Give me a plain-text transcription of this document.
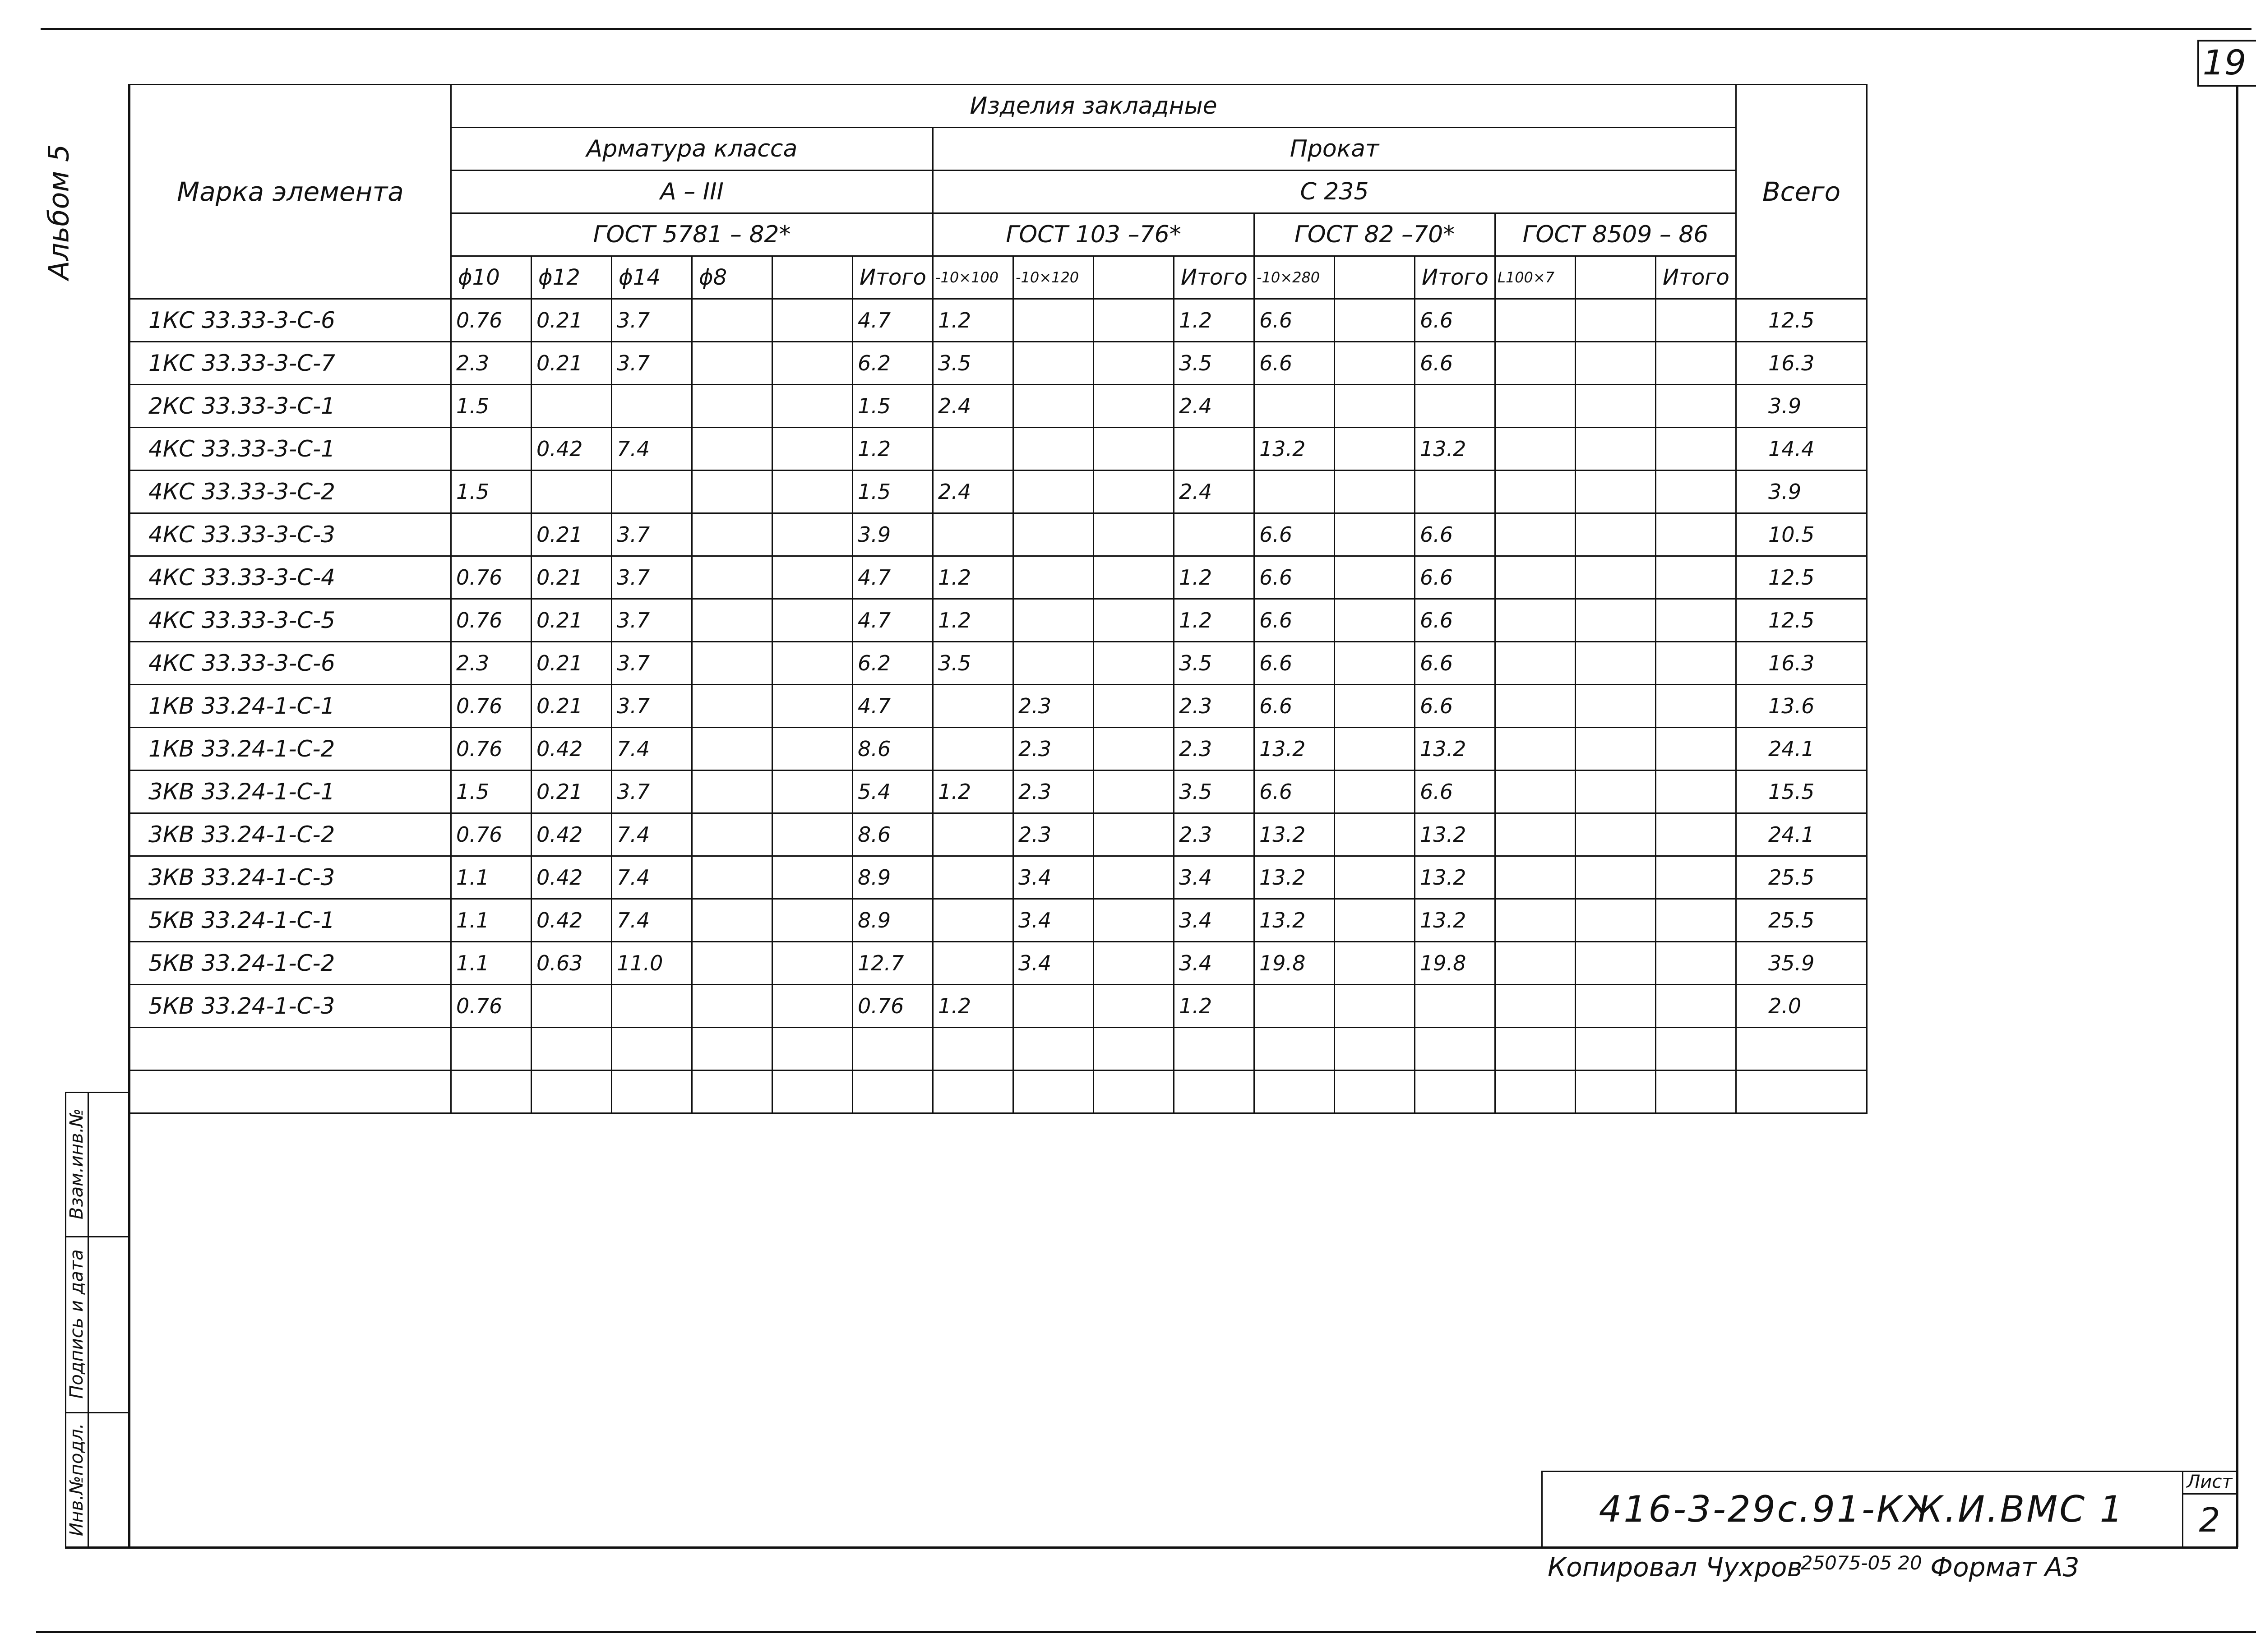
19
Альбом 5
Инв.№подл.
Подпись и дата
Взам.инв.№
Марка элемента	Изделия закладные																Всего
	Арматура класса						Прокат										
	А – III						С 235										
	ГОСТ 5781 – 82*						ГОСТ 103 –76*				ГОСТ 82 –70*			ГОСТ 8509 – 86			
	ϕ10	ϕ12	ϕ14	ϕ8		Итого	-10×100	-10×120		Итого	-10×280		Итого	L100×7		Итого	
1КС 33.33-3-С-6	0.76	0.21	3.7			4.7	1.2			1.2	6.6		6.6				12.5
1КС 33.33-3-С-7	2.3	0.21	3.7			6.2	3.5			3.5	6.6		6.6				16.3
2КС 33.33-3-С-1	1.5					1.5	2.4			2.4							3.9
4КС 33.33-3-С-1		0.42	7.4			1.2					13.2		13.2				14.4
4КС 33.33-3-С-2	1.5					1.5	2.4			2.4							3.9
4КС 33.33-3-С-3		0.21	3.7			3.9					6.6		6.6				10.5
4КС 33.33-3-С-4	0.76	0.21	3.7			4.7	1.2			1.2	6.6		6.6				12.5
4КС 33.33-3-С-5	0.76	0.21	3.7			4.7	1.2			1.2	6.6		6.6				12.5
4КС 33.33-3-С-6	2.3	0.21	3.7			6.2	3.5			3.5	6.6		6.6				16.3
1КВ 33.24-1-С-1	0.76	0.21	3.7			4.7		2.3		2.3	6.6		6.6				13.6
1КВ 33.24-1-С-2	0.76	0.42	7.4			8.6		2.3		2.3	13.2		13.2				24.1
3КВ 33.24-1-С-1	1.5	0.21	3.7			5.4	1.2	2.3		3.5	6.6		6.6				15.5
3КВ 33.24-1-С-2	0.76	0.42	7.4			8.6		2.3		2.3	13.2		13.2				24.1
3КВ 33.24-1-С-3	1.1	0.42	7.4			8.9		3.4		3.4	13.2		13.2				25.5
5КВ 33.24-1-С-1	1.1	0.42	7.4			8.9		3.4		3.4	13.2		13.2				25.5
5КВ 33.24-1-С-2	1.1	0.63	11.0			12.7		3.4		3.4	19.8		19.8				35.9
5КВ 33.24-1-С-3	0.76					0.76	1.2			1.2							2.0

416-3-29с.91-КЖ.И.ВМС 1
Лист
2
Копировал Чухров25075-05 20 Формат А3
